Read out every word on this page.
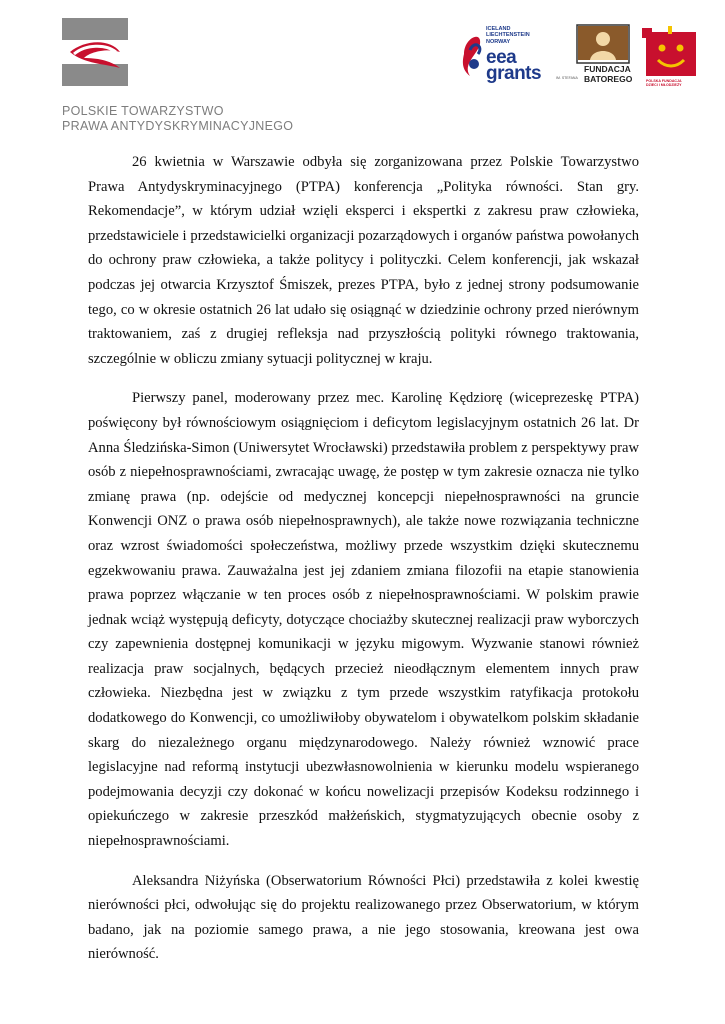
POLSKIE TOWARZYSTWO
PRAWA ANTYDYSKRYMINACYJNEGO
ICELAND
LIECHTENSTEIN
NORWAY
eea
grants	IM. STEFANA
FUNDACJA
BATOREGO	POLSKA FUNDACJA
DZIECI I MŁODZIEŻY

26 kwietnia w Warszawie odbyła się zorganizowana przez Polskie Towarzystwo Prawa Antydyskryminacyjnego (PTPA) konferencja „Polityka równości. Stan gry. Rekomendacje”, w którym udział wzięli eksperci i ekspertki z zakresu praw człowieka, przedstawiciele i przedstawicielki organizacji pozarządowych i organów państwa powołanych do ochrony praw człowieka, a także politycy i polityczki. Celem konferencji, jak wskazał podczas jej otwarcia Krzysztof Śmiszek, prezes PTPA, było z jednej strony podsumowanie tego, co w okresie ostatnich 26 lat udało się osiągnąć w dziedzinie ochrony przed nierównym traktowaniem, zaś z drugiej refleksja nad przyszłością polityki równego traktowania, szczególnie w obliczu zmiany sytuacji politycznej w kraju.

Pierwszy panel, moderowany przez mec. Karolinę Kędziorę (wiceprezeskę PTPA) poświęcony był równościowym osiągnięciom i deficytom legislacyjnym ostatnich 26 lat. Dr Anna Śledzińska-Simon (Uniwersytet Wrocławski) przedstawiła problem z perspektywy praw osób z niepełnosprawnościami, zwracając uwagę, że postęp w tym zakresie oznacza nie tylko zmianę prawa (np. odejście od medycznej koncepcji niepełnosprawności na gruncie Konwencji ONZ o prawa osób niepełnosprawnych), ale także nowe rozwiązania techniczne oraz wzrost świadomości społeczeństwa, możliwy przede wszystkim dzięki skutecznemu egzekwowaniu prawa. Zauważalna jest jej zdaniem zmiana filozofii na etapie stanowienia prawa poprzez włączanie w ten proces osób z niepełnosprawnościami. W polskim prawie jednak wciąż występują deficyty, dotyczące chociażby skutecznej realizacji praw wyborczych czy zapewnienia dostępnej komunikacji w języku migowym. Wyzwanie stanowi również realizacja praw socjalnych, będących przecież nieodłącznym elementem innych praw człowieka. Niezbędna jest w związku z tym przede wszystkim ratyfikacja protokołu dodatkowego do Konwencji, co umożliwiłoby obywatelom i obywatelkom polskim składanie skarg do niezależnego organu międzynarodowego. Należy również wznowić prace legislacyjne nad reformą instytucji ubezwłasnowolnienia w kierunku modelu wspieranego podejmowania decyzji czy dokonać w końcu nowelizacji przepisów Kodeksu rodzinnego i opiekuńczego w zakresie przeszkód małżeńskich, stygmatyzujących obecnie osoby z niepełnosprawnościami.

Aleksandra Niżyńska (Obserwatorium Równości Płci) przedstawiła z kolei kwestię nierówności płci, odwołując się do projektu realizowanego przez Obserwatorium, w którym badano, jak na poziomie samego prawa, a nie jego stosowania, kreowana jest owa nierówność.
